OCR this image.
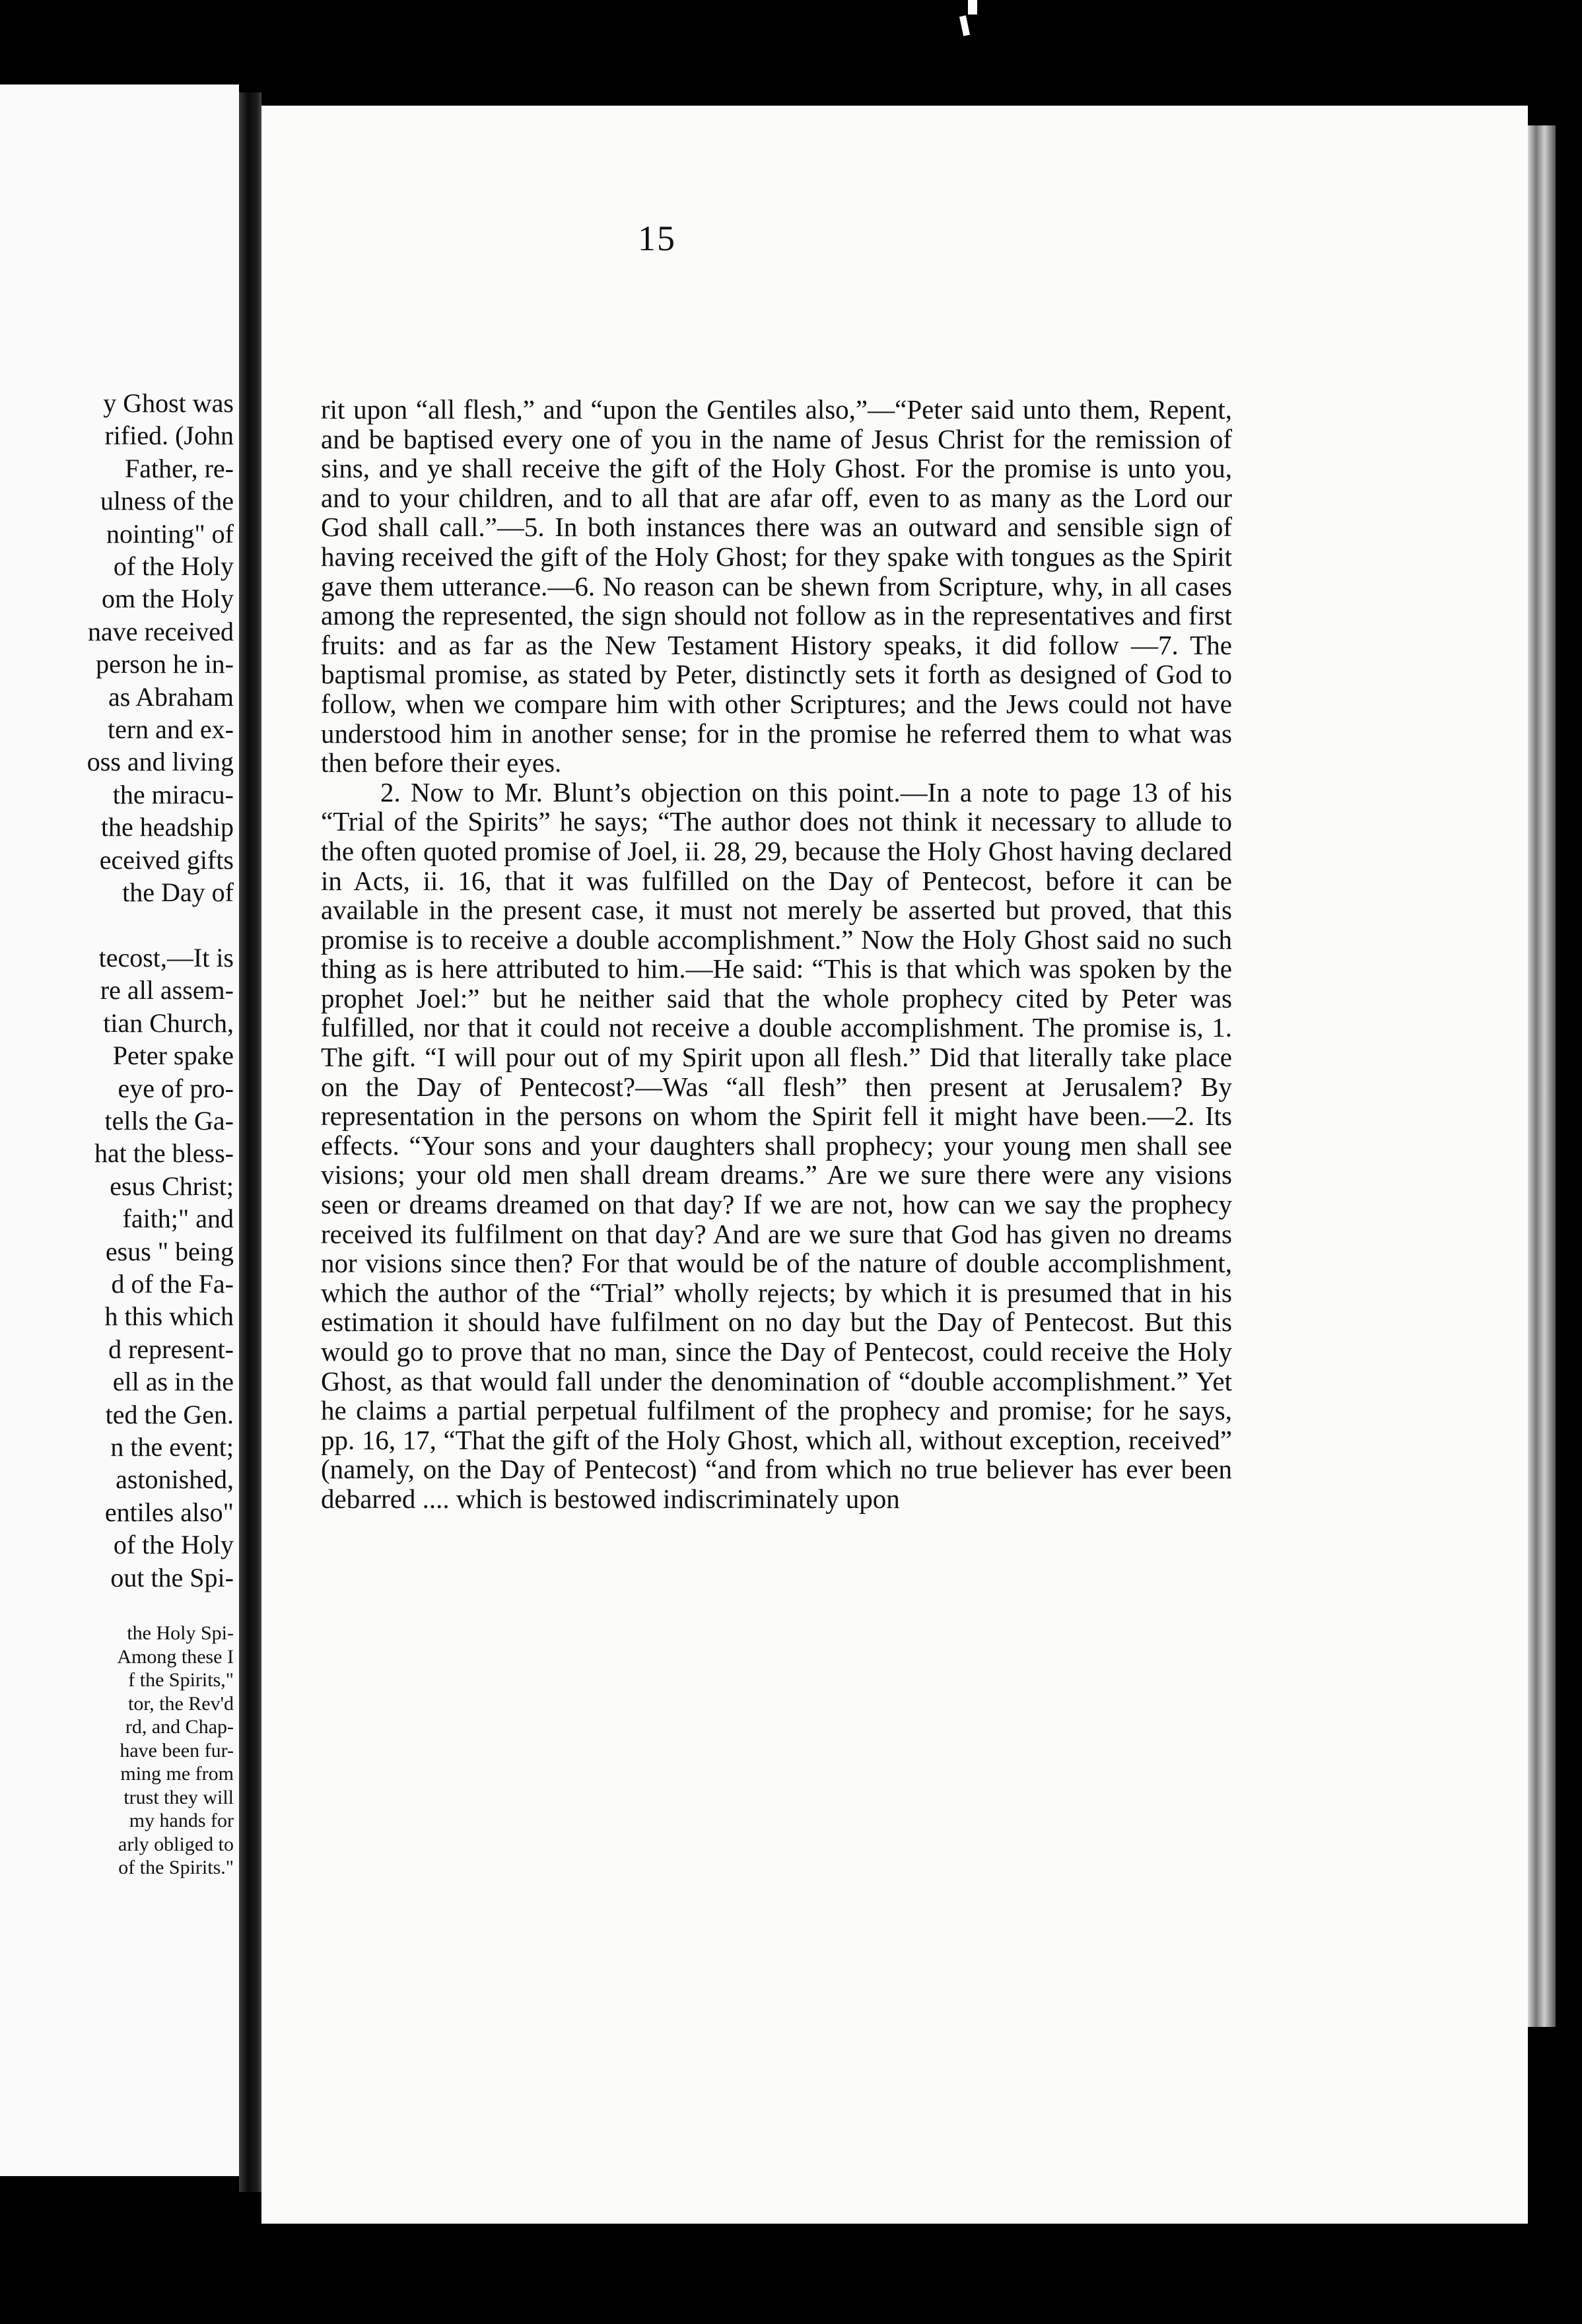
y Ghost was
rified. (John
Father, re-
ulness of the
nointing" of
of the Holy
om the Holy
nave received
person he in-
as Abraham
tern and ex-
oss and living
the miracu-
the headship
eceived gifts
the Day of

tecost,—It is
re all assem-
tian Church,
Peter spake
eye of pro-
tells the Ga-
hat the bless-
esus Christ;
faith;" and
esus " being
d of the Fa-
h this which
d represent-
ell as in the
ted the Gen.
n the event;
astonished,
entiles also"
of the Holy
out the Spi-
the Holy Spi-
Among these I
f the Spirits,"
tor, the Rev'd
rd, and Chap-
have been fur-
ming me from
trust they will
my hands for
arly obliged to
of the Spirits."
15

rit upon “all flesh,” and “upon the Gentiles also,”—“Peter said unto them, Repent, and be baptised every one of you in the name of Jesus Christ for the remission of sins, and ye shall receive the gift of the Holy Ghost. For the promise is unto you, and to your children, and to all that are afar off, even to as many as the Lord our God shall call.”—5. In both instances there was an outward and sensible sign of having received the gift of the Holy Ghost; for they spake with tongues as the Spirit gave them utterance.—6. No reason can be shewn from Scripture, why, in all cases among the represented, the sign should not follow as in the representatives and first fruits: and as far as the New Testament History speaks, it did follow —7. The baptismal promise, as stated by Peter, distinctly sets it forth as designed of God to follow, when we compare him with other Scriptures; and the Jews could not have understood him in another sense; for in the promise he referred them to what was then before their eyes.

2. Now to Mr. Blunt’s objection on this point.—In a note to page 13 of his “Trial of the Spirits” he says; “The author does not think it necessary to allude to the often quoted promise of Joel, ii. 28, 29, because the Holy Ghost having declared in Acts, ii. 16, that it was fulfilled on the Day of Pentecost, before it can be available in the present case, it must not merely be asserted but proved, that this promise is to receive a double accomplishment.” Now the Holy Ghost said no such thing as is here attributed to him.—He said: “This is that which was spoken by the prophet Joel:” but he neither said that the whole prophecy cited by Peter was fulfilled, nor that it could not receive a double accomplishment. The promise is, 1. The gift. “I will pour out of my Spirit upon all flesh.” Did that literally take place on the Day of Pentecost?—Was “all flesh” then present at Jerusalem? By representation in the persons on whom the Spirit fell it might have been.—2. Its effects. “Your sons and your daughters shall prophecy; your young men shall see visions; your old men shall dream dreams.” Are we sure there were any visions seen or dreams dreamed on that day? If we are not, how can we say the prophecy received its fulfilment on that day? And are we sure that God has given no dreams nor visions since then? For that would be of the nature of double accomplishment, which the author of the “Trial” wholly rejects; by which it is presumed that in his estimation it should have fulfilment on no day but the Day of Pentecost. But this would go to prove that no man, since the Day of Pentecost, could receive the Holy Ghost, as that would fall under the denomination of “double accomplishment.” Yet he claims a partial perpetual fulfilment of the prophecy and promise; for he says, pp. 16, 17, “That the gift of the Holy Ghost, which all, without exception, received” (namely, on the Day of Pentecost) “and from which no true believer has ever been debarred .... which is bestowed indiscriminately upon
